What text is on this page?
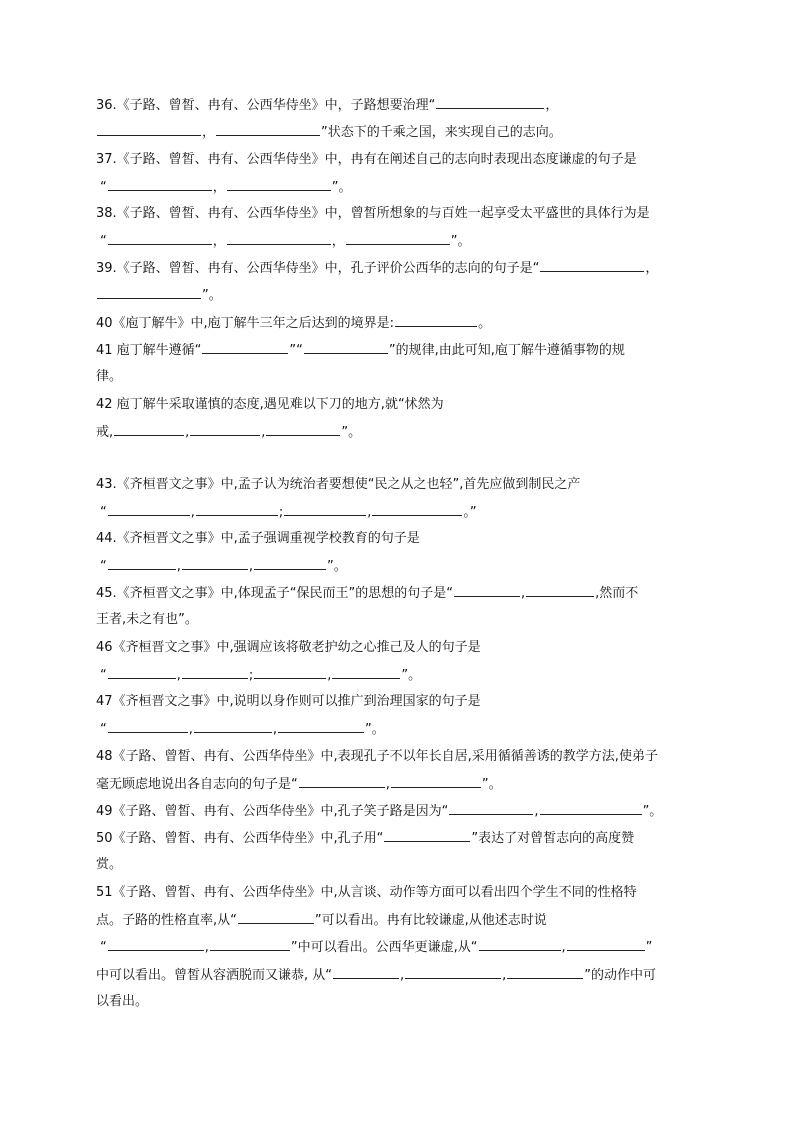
36.《子路、曾皙、冉有、公西华侍坐》中，子路想要治理“	，
，	”状态下的千乘之国，来实现自己的志向。
37.《子路、曾皙、冉有、公西华侍坐》中，冉有在阐述自己的志向时表现出态度谦虚的句子是
“	，	”。
38.《子路、曾皙、冉有、公西华侍坐》中，曾皙所想象的与百姓一起享受太平盛世的具体行为是
“	，	，	”。
39.《子路、曾皙、冉有、公西华侍坐》中，孔子评价公西华的志向的句子是“	，
”。
40《庖丁解牛》中,庖丁解牛三年之后达到的境界是:	。
41 庖丁解牛遵循“	”“	”的规律,由此可知,庖丁解牛遵循事物的规
律。
42 庖丁解牛采取谨慎的态度,遇见难以下刀的地方,就“怵然为
戒,	,	,	”。
43.《齐桓晋文之事》中,孟子认为统治者要想使“民之从之也轻”,首先应做到制民之产
“	,	;	,	。”
44.《齐桓晋文之事》中,孟子强调重视学校教育的句子是
“	,	,	”。
45.《齐桓晋文之事》中,体现孟子“保民而王”的思想的句子是“	,	,然而不
王者,未之有也”。
46《齐桓晋文之事》中,强调应该将敬老护幼之心推己及人的句子是
“	,	;	,	”。
47《齐桓晋文之事》中,说明以身作则可以推广到治理国家的句子是
“	,	,	”。
48《子路、曾皙、冉有、公西华侍坐》中,表现孔子不以年长自居,采用循循善诱的教学方法,使弟子
毫无顾虑地说出各自志向的句子是“	,	”。
49《子路、曾皙、冉有、公西华侍坐》中,孔子笑子路是因为“	,	”。
50《子路、曾皙、冉有、公西华侍坐》中,孔子用“	”表达了对曾皙志向的高度赞
赏。
51《子路、曾皙、冉有、公西华侍坐》中,从言谈、动作等方面可以看出四个学生不同的性格特
点。子路的性格直率,从“	”可以看出。冉有比较谦虚,从他述志时说
“	,	”中可以看出。公西华更谦虚,从“	,	”
中可以看出。曾皙从容洒脱而又谦恭, 从“	,	,	”的动作中可
以看出。
